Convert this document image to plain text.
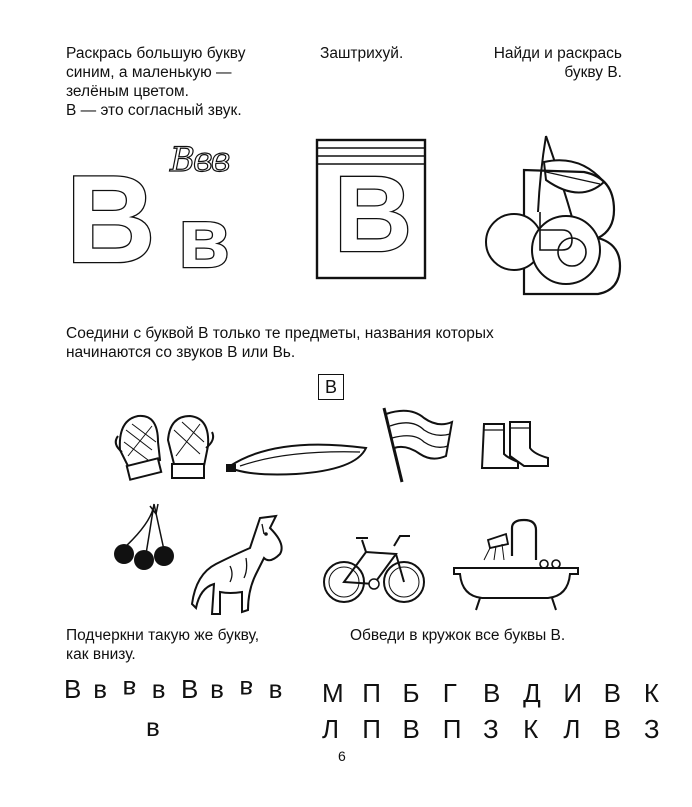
Раскрась большую букву
синим, а маленькую —
зелёным цветом.
В — это согласный звук.
Заштрихуй.	Найди и раскрась
букву В.
Bвв
В в В
Соедини с буквой В только те предметы, названия которых
начинаются со звуков В или Вь.
В
Подчеркни такую же букву,
как внизу.
Обведи в кружок все буквы В.
В в в в В в в в
в
М П Б Г В Д И В К
Л П В П З К Л В З
6
